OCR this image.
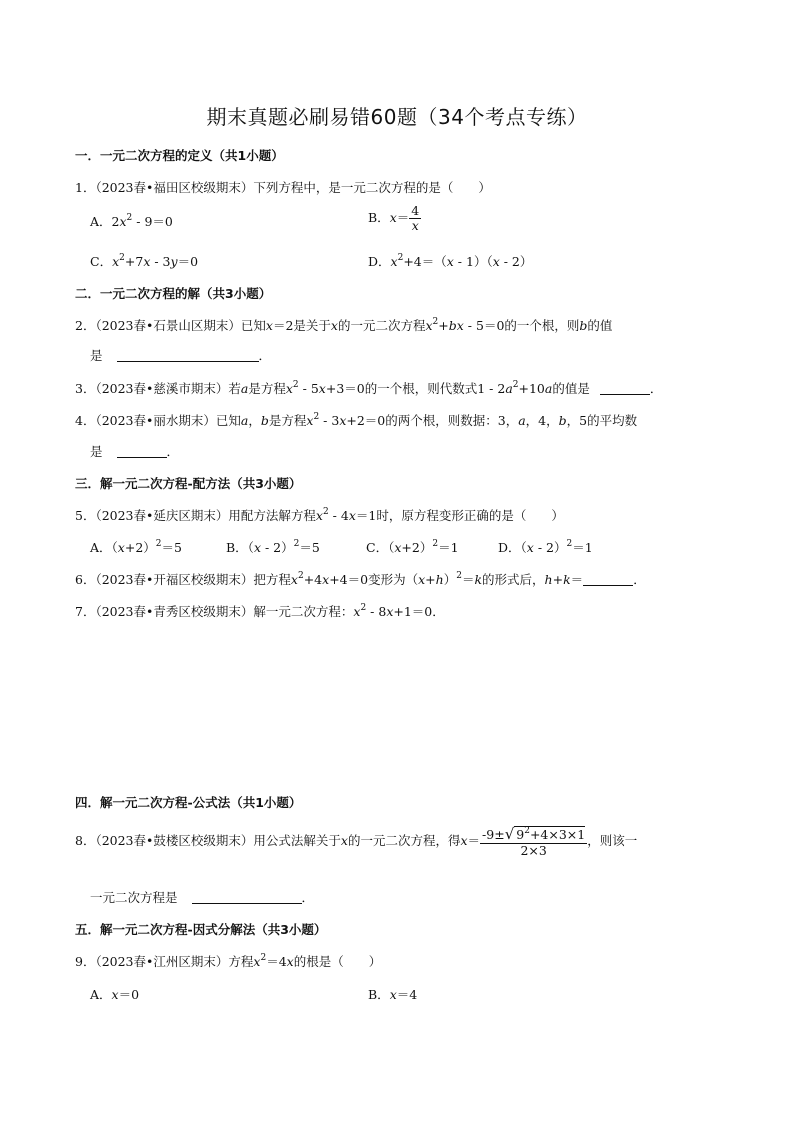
期末真题必刷易错60题（34个考点专练）
一．一元二次方程的定义（共1小题）
1．（2023春•福田区校级期末）下列方程中，是一元二次方程的是（　　）
A．$2x^2 - 9=0$	B．$x= \frac{4}{x}$
C．$x^2+7x - 3y=0$	D．$x^2+4=(x - 1)(x - 2)$
二．一元二次方程的解（共3小题）
2．（2023春•石景山区期末）已知x＝2是关于x的一元二次方程$x^2+bx - 5=0$的一个根，则b的值
是	．
3．（2023春•慈溪市期末）若a是方程$x^2 - 5x+3=0$的一个根，则代数式$1 - 2a^2+10a$的值是	．
4．（2023春•丽水期末）已知a，b是方程$x^2 - 3x+2=0$的两个根，则数据：3，a，4，b，5的平均数
是	．
三．解一元二次方程-配方法（共3小题）
5．（2023春•延庆区期末）用配方法解方程$x^2 - 4x=1$时，原方程变形正确的是（　　）
A．$(x+2)^2=5$	B．（x - 2）$^2$＝5	C．$(x+2)^2=1$	D．（x - 2）$^2$＝1
6．（2023春•开福区校级期末）把方程$x^2+4x+4=0$变形为$(x+h)^2=k$的形式后，h+k＝	．
7．（2023春•青秀区校级期末）解一元二次方程：$x^2 - 8x+1=0$．
四．解一元二次方程-公式法（共1小题）
8．（2023春•鼓楼区校级期末）用公式法解关于x的一元二次方程，得$x= \frac{-9\pm√ 9^2+4\times 3\times 1}{2\times 3}$ ，则该一
一元二次方程是	．
五．解一元二次方程-因式分解法（共3小题）
9．（2023春•江州区期末）方程$x^2=4x$的根是（　　）
A．x＝0	B．x＝4
